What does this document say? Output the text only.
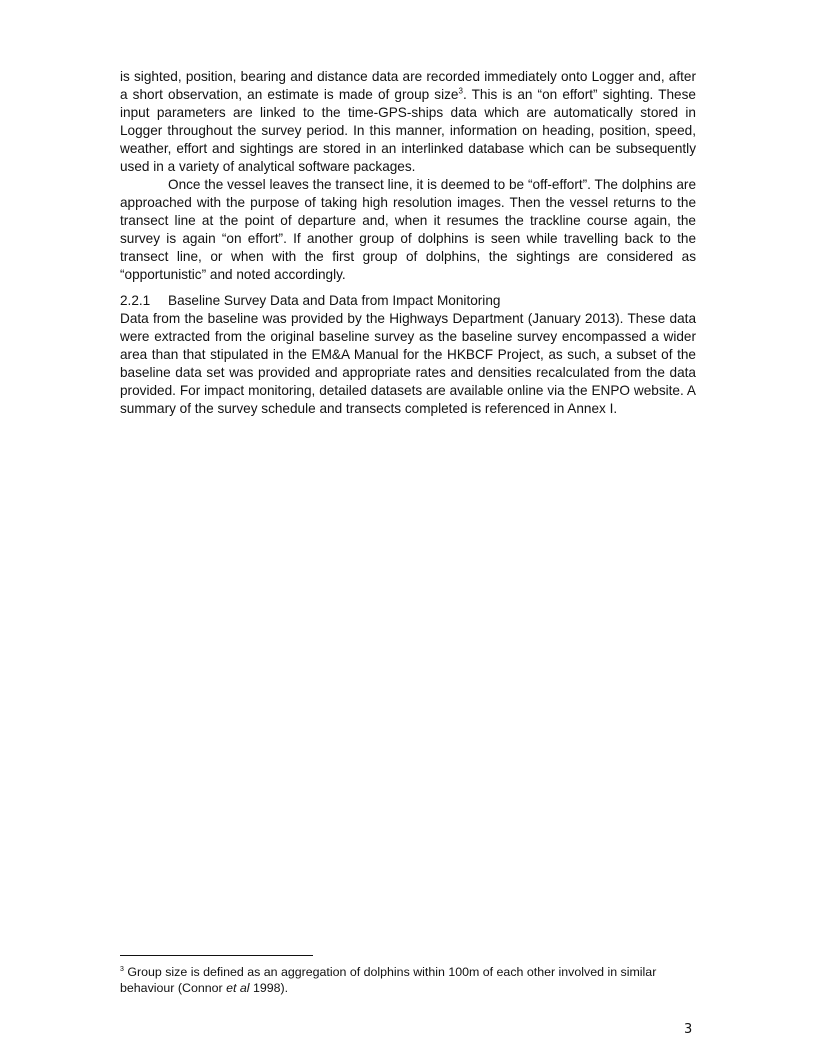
is sighted, position, bearing and distance data are recorded immediately onto Logger and, after a short observation, an estimate is made of group size$^3$. This is an “on effort” sighting. These input parameters are linked to the time-GPS-ships data which are automatically stored in Logger throughout the survey period. In this manner, information on heading, position, speed, weather, effort and sightings are stored in an interlinked database which can be subsequently used in a variety of analytical software packages.

Once the vessel leaves the transect line, it is deemed to be “off-effort”. The dolphins are approached with the purpose of taking high resolution images. Then the vessel returns to the transect line at the point of departure and, when it resumes the trackline course again, the survey is again “on effort”. If another group of dolphins is seen while travelling back to the transect line, or when with the first group of dolphins, the sightings are considered as “opportunistic” and noted accordingly.

2.2.1 Baseline Survey Data and Data from Impact Monitoring

Data from the baseline was provided by the Highways Department (January 2013). These data were extracted from the original baseline survey as the baseline survey encompassed a wider area than that stipulated in the EM&A Manual for the HKBCF Project, as such, a subset of the baseline data set was provided and appropriate rates and densities recalculated from the data provided. For impact monitoring, detailed datasets are available online via the ENPO website. A summary of the survey schedule and transects completed is referenced in Annex I.

$^3$ Group size is defined as an aggregation of dolphins within 100m of each other involved in similar behaviour (Connor et al 1998).
3
